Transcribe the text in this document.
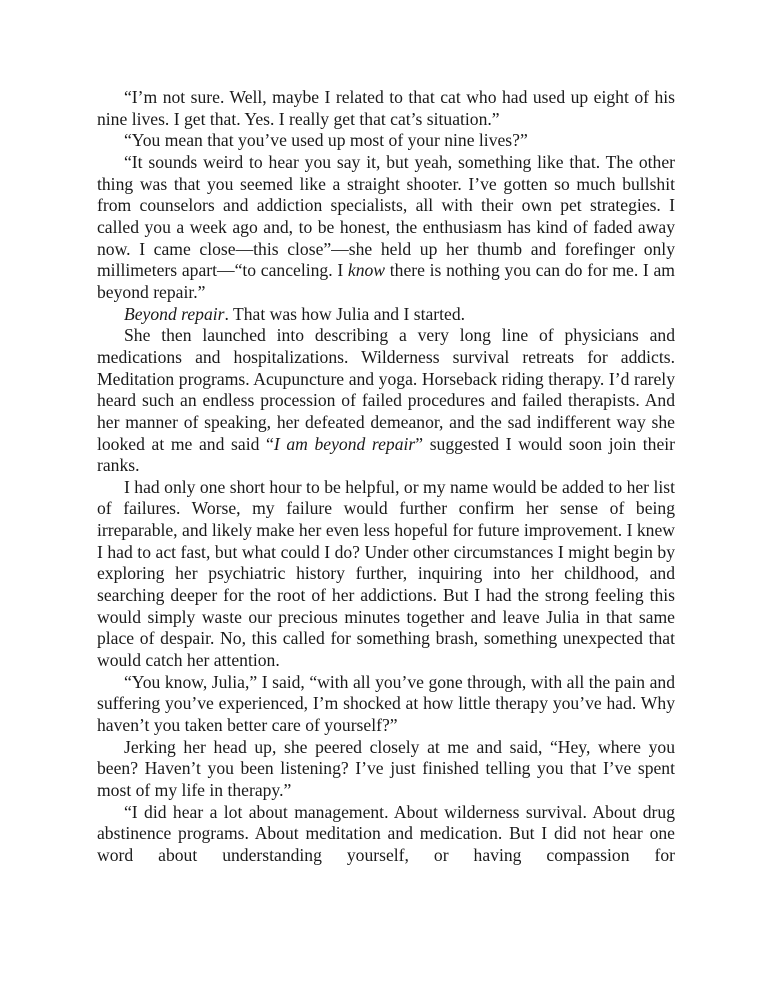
“I’m not sure. Well, maybe I related to that cat who had used up eight of his nine lives. I get that. Yes. I really get that cat’s situation.”

“You mean that you’ve used up most of your nine lives?”

“It sounds weird to hear you say it, but yeah, something like that. The other thing was that you seemed like a straight shooter. I’ve gotten so much bullshit from counselors and addiction specialists, all with their own pet strategies. I called you a week ago and, to be honest, the enthusiasm has kind of faded away now. I came close—this close”—she held up her thumb and forefinger only millimeters apart—“to canceling. I know there is nothing you can do for me. I am beyond repair.”

Beyond repair. That was how Julia and I started.

She then launched into describing a very long line of physicians and medications and hospitalizations. Wilderness survival retreats for addicts. Meditation programs. Acupuncture and yoga. Horseback riding therapy. I’d rarely heard such an endless procession of failed procedures and failed therapists. And her manner of speaking, her defeated demeanor, and the sad indifferent way she looked at me and said “I am beyond repair” suggested I would soon join their ranks.

I had only one short hour to be helpful, or my name would be added to her list of failures. Worse, my failure would further confirm her sense of being irreparable, and likely make her even less hopeful for future improvement. I knew I had to act fast, but what could I do? Under other circumstances I might begin by exploring her psychiatric history further, inquiring into her childhood, and searching deeper for the root of her addictions. But I had the strong feeling this would simply waste our precious minutes together and leave Julia in that same place of despair. No, this called for something brash, something unexpected that would catch her attention.

“You know, Julia,” I said, “with all you’ve gone through, with all the pain and suffering you’ve experienced, I’m shocked at how little therapy you’ve had. Why haven’t you taken better care of yourself?”

Jerking her head up, she peered closely at me and said, “Hey, where you been? Haven’t you been listening? I’ve just finished telling you that I’ve spent most of my life in therapy.”

“I did hear a lot about management. About wilderness survival. About drug abstinence programs. About meditation and medication. But I did not hear one word about understanding yourself, or having compassion for
